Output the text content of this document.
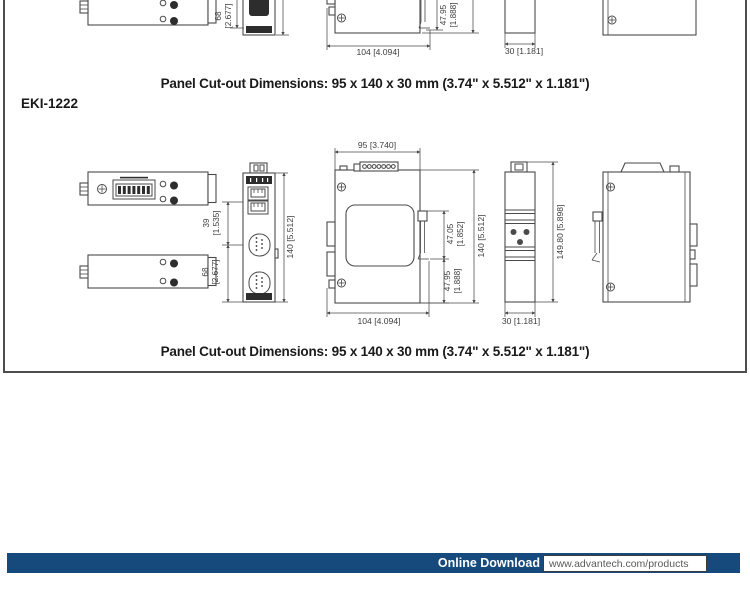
68 [2.677]
104 [4.094]
47.95 [1.888]
30 [1.181]
Panel Cut-out Dimensions: 95 x 140 x 30 mm (3.74" x 5.512" x 1.181")
EKI-1222
39 [1.535]
68 [2.677]
140 [5.512]
95 [3.740]
104 [4.094]
47.05 [1.852]
47.95 [1.888]
140 [5.512]	149.80 [5.898]
30 [1.181]
Panel Cut-out Dimensions: 95 x 140 x 30 mm (3.74" x 5.512" x 1.181")
Online Download www.advantech.com/products
